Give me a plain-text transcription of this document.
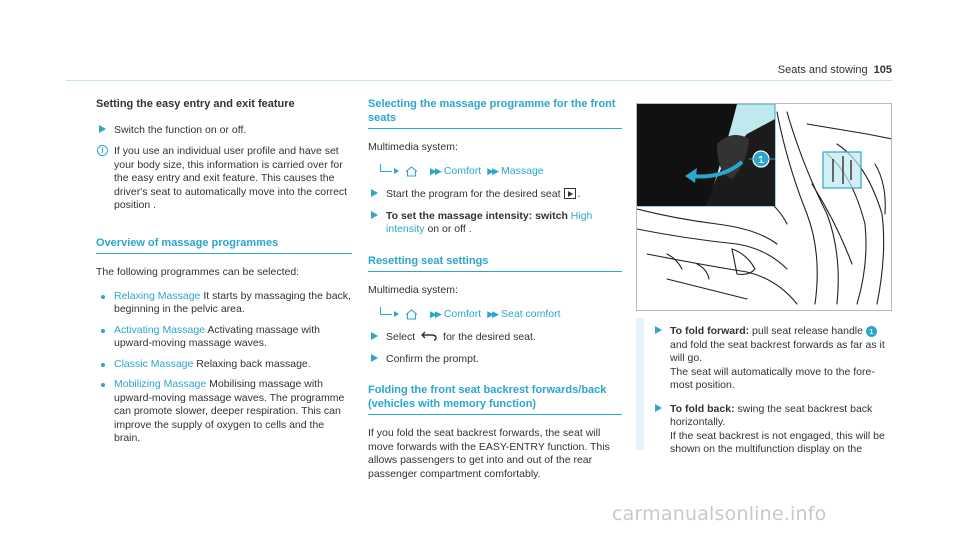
Seats and stowing 105
Setting the easy entry and exit feature
Switch the function on or off.
i If you use an individual user profile and have set your body size, this information is carried over for the easy entry and exit feature. This causes the driver's seat to automatically move into the correct position .
Overview of massage programmes
The following programmes can be selected:
Relaxing Massage It starts by massaging the back, beginning in the pelvic area.
Activating Massage Activating massage with upward-moving massage waves.
Classic Massage Relaxing back massage.
Mobilizing Massage Mobilising massage with upward-moving massage waves. The programme can promote slower, deeper respiration. This can improve the supply of oxygen to cells and the brain.
Selecting the massage programme for the front seats
Multimedia system:
▶▶ Comfort ▶▶ Massage
Start the program for the desired seat .
To set the massage intensity: switch High intensity on or off .
Resetting seat settings
Multimedia system:
▶▶ Comfort ▶▶ Seat comfort
Select	for the desired seat.
Confirm the prompt.
Folding the front seat backrest forwards/back (vehicles with memory function)
If you fold the seat backrest forwards, the seat will move forwards with the EASY-ENTRY function. This allows passengers to get into and out of the rear passenger compartment comfortably.
1
To fold forward: pull seat release handle 1 and fold the seat backrest forwards as far as it will go.
The seat will automatically move to the fore-most position.
To fold back: swing the seat backrest back horizontally.
If the seat backrest is not engaged, this will be shown on the multifunction display on the
carmanualsonline.info
